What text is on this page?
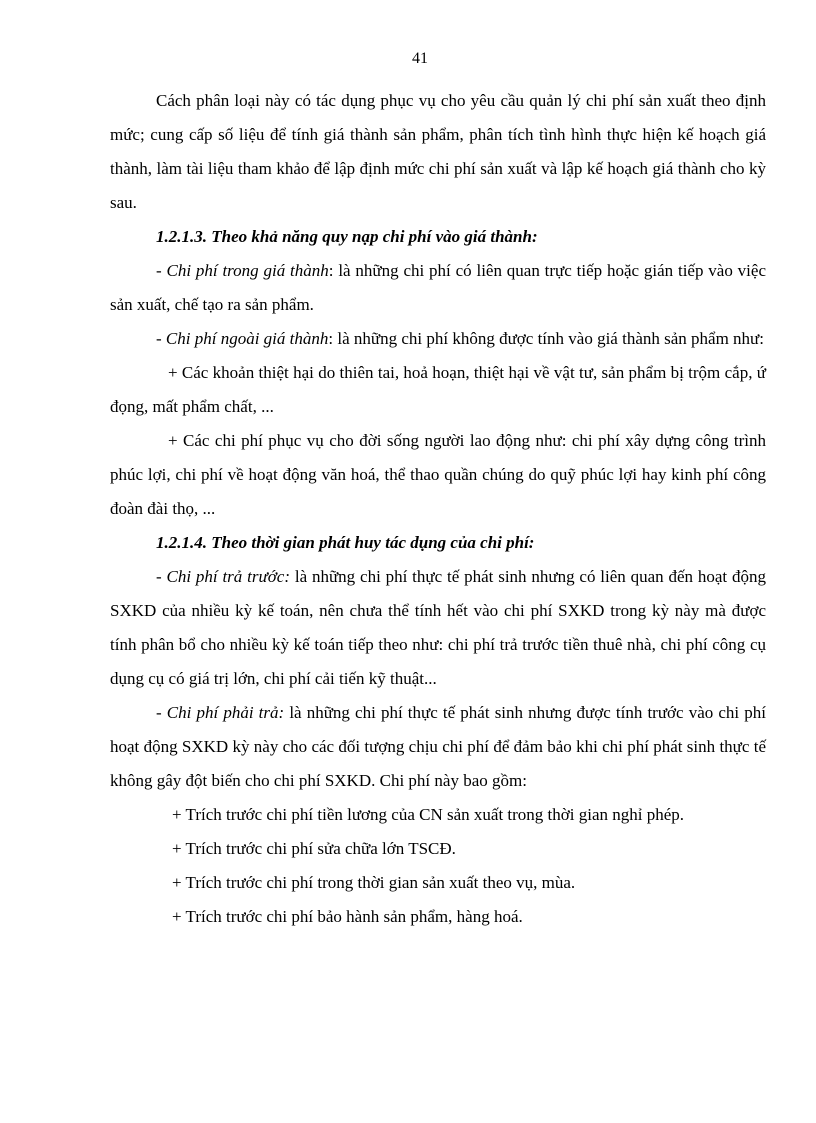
41

Cách phân loại này có tác dụng phục vụ cho yêu cầu quản lý chi phí sản xuất theo định mức; cung cấp số liệu để tính giá thành sản phẩm, phân tích tình hình thực hiện kế hoạch giá thành, làm tài liệu tham khảo để lập định mức chi phí sản xuất và lập kế hoạch giá thành cho kỳ sau.

1.2.1.3. Theo khả năng quy nạp chi phí vào giá thành:

- Chi phí trong giá thành: là những chi phí có liên quan trực tiếp hoặc gián tiếp vào việc sản xuất, chế tạo ra sản phẩm.

- Chi phí ngoài giá thành: là những chi phí không được tính vào giá thành sản phẩm như:

+ Các khoản thiệt hại do thiên tai, hoả hoạn, thiệt hại về vật tư, sản phẩm bị trộm cắp, ứ đọng, mất phẩm chất, ...

+ Các chi phí phục vụ cho đời sống người lao động như: chi phí xây dựng công trình phúc lợi, chi phí về hoạt động văn hoá, thể thao quần chúng do quỹ phúc lợi hay kinh phí công đoàn đài thọ, ...

1.2.1.4. Theo thời gian phát huy tác dụng của chi phí:

- Chi phí trả trước: là những chi phí thực tế phát sinh nhưng có liên quan đến hoạt động SXKD của nhiều kỳ kế toán, nên chưa thể tính hết vào chi phí SXKD trong kỳ này mà được tính phân bổ cho nhiều kỳ kế toán tiếp theo như: chi phí trả trước tiền thuê nhà, chi phí công cụ dụng cụ có giá trị lớn, chi phí cải tiến kỹ thuật...

- Chi phí phải trả: là những chi phí thực tế phát sinh nhưng được tính trước vào chi phí hoạt động SXKD kỳ này cho các đối tượng chịu chi phí để đảm bảo khi chi phí phát sinh thực tế không gây đột biến cho chi phí SXKD. Chi phí này bao gồm:

+ Trích trước chi phí tiền lương của CN sản xuất trong thời gian nghỉ phép.

+ Trích trước chi phí sửa chữa lớn TSCĐ.

+ Trích trước chi phí trong thời gian sản xuất theo vụ, mùa.

+ Trích trước chi phí bảo hành sản phẩm, hàng hoá.
